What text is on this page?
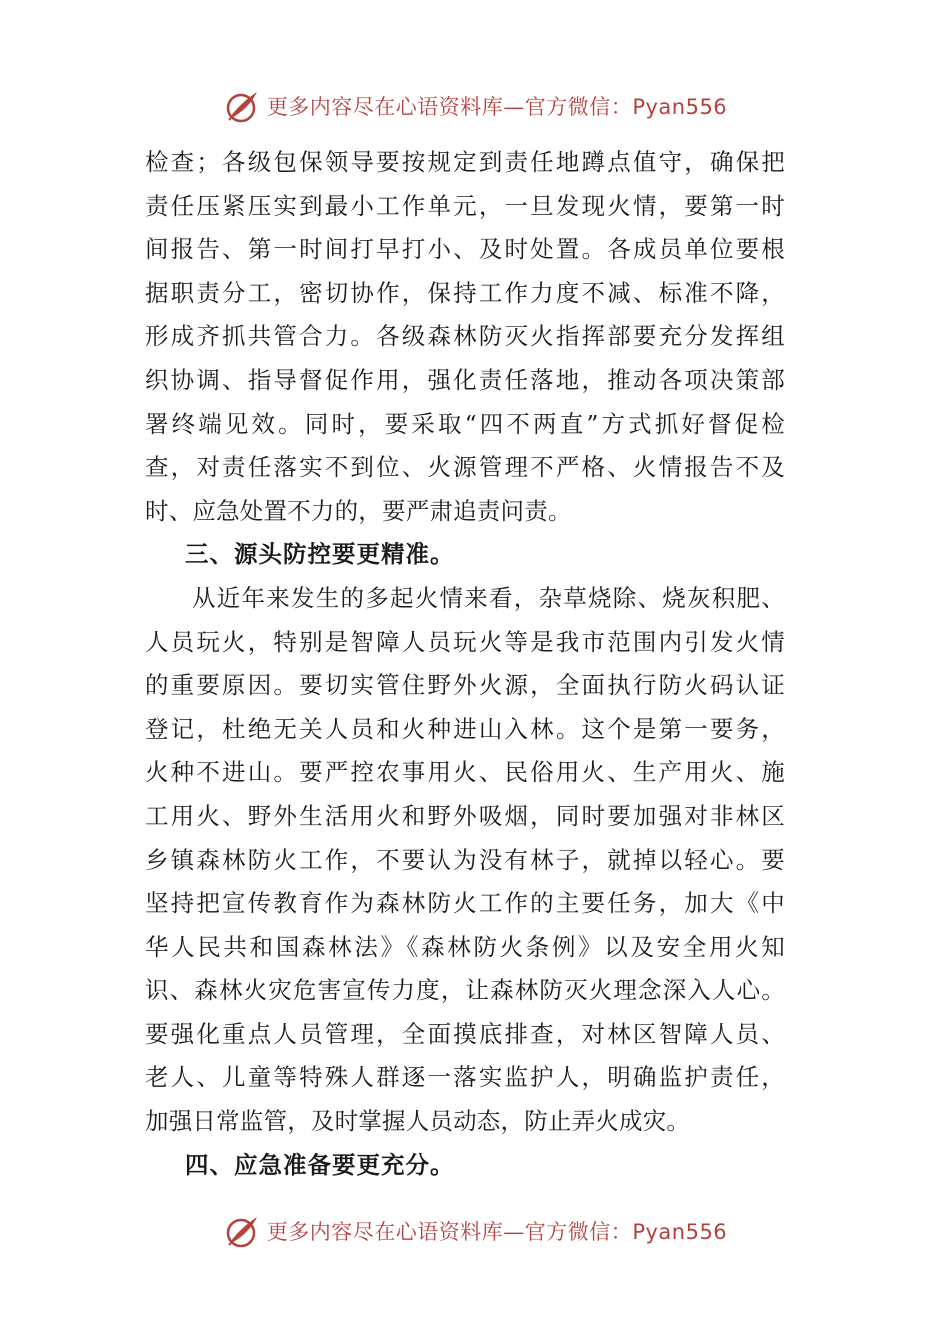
更多内容尽在心语资料库—官方微信：Pyan556
检查；各级包保领导要按规定到责任地蹲点值守，确保把
责任压紧压实到最小工作单元，一旦发现火情，要第一时
间报告、第一时间打早打小、及时处置。各成员单位要根
据职责分工，密切协作，保持工作力度不减、标准不降，
形成齐抓共管合力。各级森林防灭火指挥部要充分发挥组
织协调、指导督促作用，强化责任落地，推动各项决策部
署终端见效。同时，要采取“四不两直”方式抓好督促检
查，对责任落实不到位、火源管理不严格、火情报告不及
时、应急处置不力的，要严肃追责问责。
三、源头防控要更精准。
从近年来发生的多起火情来看，杂草烧除、烧灰积肥、
人员玩火，特别是智障人员玩火等是我市范围内引发火情
的重要原因。要切实管住野外火源，全面执行防火码认证
登记，杜绝无关人员和火种进山入林。这个是第一要务，
火种不进山。要严控农事用火、民俗用火、生产用火、施
工用火、野外生活用火和野外吸烟，同时要加强对非林区
乡镇森林防火工作，不要认为没有林子，就掉以轻心。要
坚持把宣传教育作为森林防火工作的主要任务，加大《中
华人民共和国森林法》《森林防火条例》以及安全用火知
识、森林火灾危害宣传力度，让森林防灭火理念深入人心。
要强化重点人员管理，全面摸底排查，对林区智障人员、
老人、儿童等特殊人群逐一落实监护人，明确监护责任，
加强日常监管，及时掌握人员动态，防止弄火成灾。
四、应急准备要更充分。
更多内容尽在心语资料库—官方微信：Pyan556
